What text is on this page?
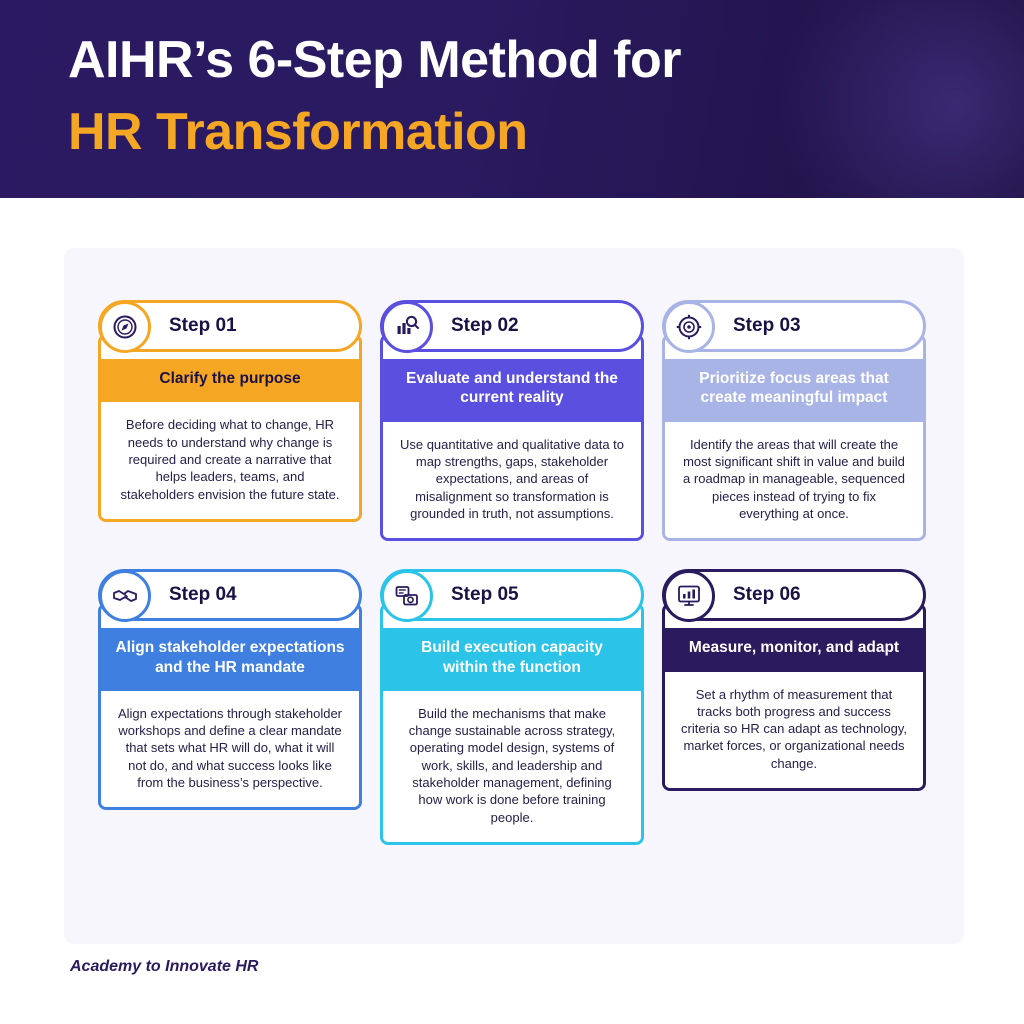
AIHR’s 6-Step Method for
HR Transformation
Step 01
Clarify the purpose
Before deciding what to change, HR needs to understand why change is required and create a narrative that helps leaders, teams, and stakeholders envision the future state.
Step 02
Evaluate and understand the current reality
Use quantitative and qualitative data to map strengths, gaps, stakeholder expectations, and areas of misalignment so transformation is grounded in truth, not assumptions.
Step 03
Prioritize focus areas that create meaningful impact
Identify the areas that will create the most significant shift in value and build a roadmap in manageable, sequenced pieces instead of trying to fix everything at once.
Step 04
Align stakeholder expectations and the HR mandate
Align expectations through stakeholder workshops and define a clear mandate that sets what HR will do, what it will not do, and what success looks like from the business’s perspective.
Step 05
Build execution capacity within the function
Build the mechanisms that make change sustainable across strategy, operating model design, systems of work, skills, and leadership and stakeholder management, defining how work is done before training people.
Step 06
Measure, monitor, and adapt
Set a rhythm of measurement that tracks both progress and success criteria so HR can adapt as technology, market forces, or organizational needs change.
Academy to Innovate HR
